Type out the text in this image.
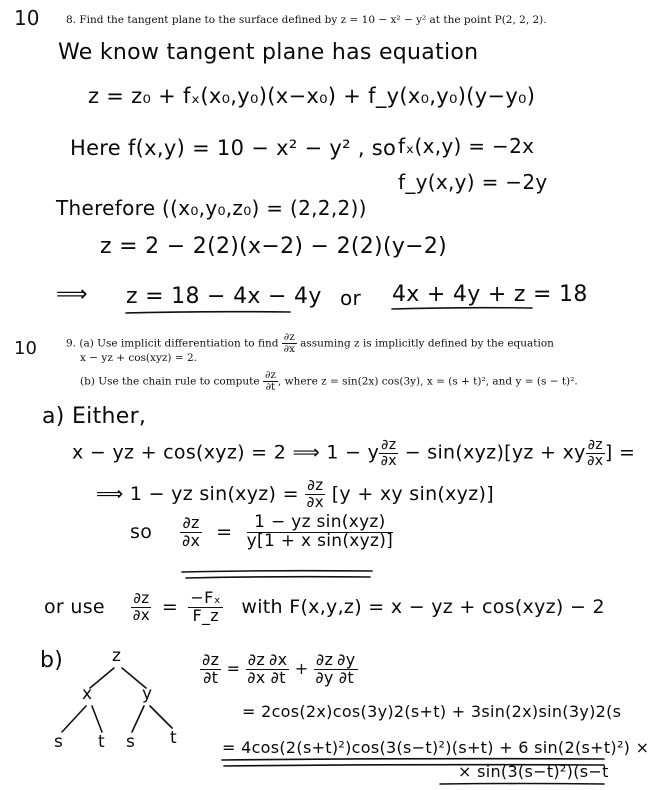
10
10
8. Find the tangent plane to the surface defined by z = 10 − x² − y² at the point P(2, 2, 2).
We know tangent plane has equation
z = z₀ + fₓ(x₀,y₀)(x−x₀) + f_y(x₀,y₀)(y−y₀)
Here f(x,y) = 10 − x² − y² , so fₓ(x,y) = −2x
f_y(x,y) = −2y
Therefore ((x₀,y₀,z₀) = (2,2,2))
z = 2 − 2(2)(x−2) − 2(2)(y−2)
⟹ z = 18 − 4x − 4y or 4x + 4y + z = 18
9. (a) Use implicit differentiation to find $\frac{\partial z}{\partial x}$ assuming z is implicitly defined by the equation
x − yz + cos(xyz) = 2.
(b) Use the chain rule to compute $\frac{\partial z}{\partial t}$ , where z = sin(2x) cos(3y), x = (s + t)², and y = (s − t)².
a) Either,
x − yz + cos(xyz) = 2 ⟹ 1 − y $\frac{\partial z}{\partial x} - \sin(xyz)[yz$ + xy $\frac{\partial z}{\partial x}$ ] =
⟹ 1 − yz $\sin(xyz) = \frac{\partial z}{\partial x} [y$ + xy sin(xyz)]
so $\frac{\partial z}{\partial x} = \frac{\text{1 − yz sin(xyz)}}{\text{y[1 + x sin(xyz)]}}$
or use $\frac{\partial z}{\partial x} = \frac{\text{−Fₓ}}{F\_z}$ with F(x,y,z) = x − yz + cos(xyz) − 2
b)	z
x	y
s t s t
$\frac{\partial z}{\partial t} = \frac{\partial z}{\partial x} \frac{\partial x}{\partial t} + \frac{\partial z}{\partial y} \frac{\partial y}{\partial t}$
= 2cos(2x)cos(3y)2(s+t) + 3sin(2x)sin(3y)2(s
= 4cos(2(s+t)²)cos(3(s−t)²)(s+t) + 6 sin(2(s+t)²) ×
× sin(3(s−t)²)(s−t
